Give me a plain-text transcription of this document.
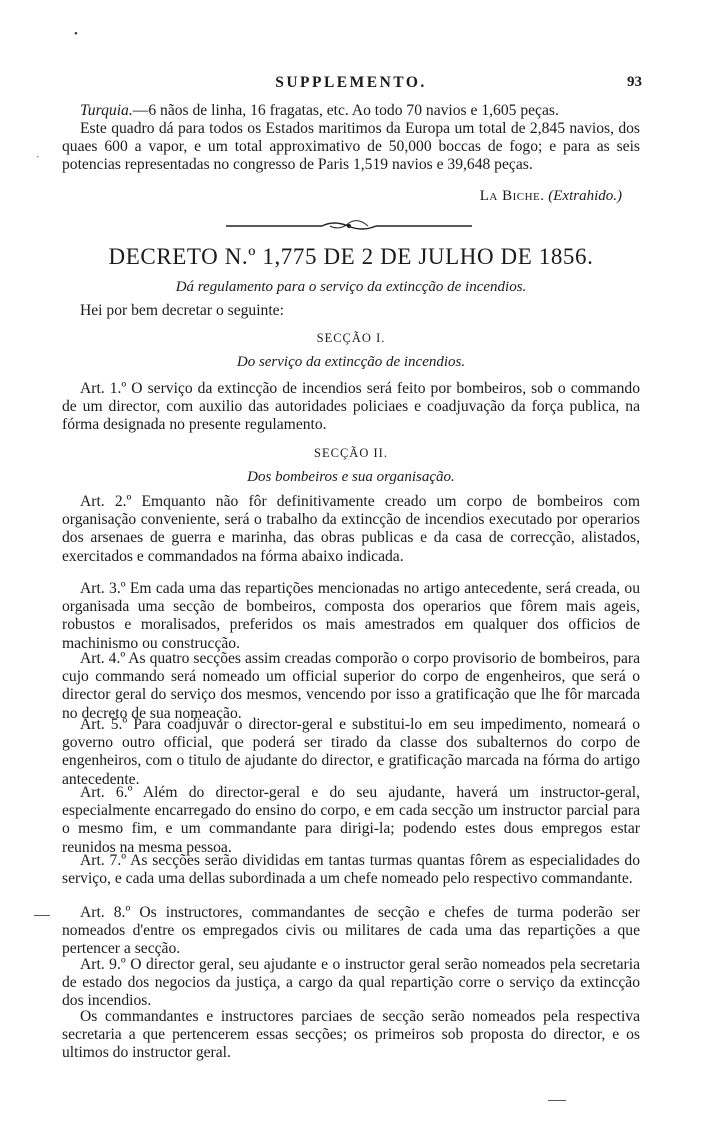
•
ˎ
SUPPLEMENTO.	93

Turquia.—6 nãos de linha, 16 fragatas, etc. Ao todo 70 navios e 1,605 peças.

Este quadro dá para todos os Estados maritimos da Europa um total de 2,845 navios, dos quaes 600 a vapor, e um total approximativo de 50,000 boccas de fogo; e para as seis potencias representadas no congresso de Paris 1,519 navios e 39,648 peças.

La Biche. (Extrahido.)
DECRETO N.º 1,775 DE 2 DE JULHO DE 1856.
Dá regulamento para o serviço da extincção de incendios.
Hei por bem decretar o seguinte:
SECÇÃO I.
Do serviço da extincção de incendios.

Art. 1.º O serviço da extincção de incendios será feito por bombeiros, sob o commando de um director, com auxilio das autoridades policiaes e coadjuvação da força publica, na fórma designada no presente regulamento.

SECÇÃO II.
Dos bombeiros e sua organisação.

Art. 2.º Emquanto não fôr definitivamente creado um corpo de bombeiros com organisação conveniente, será o trabalho da extincção de incendios executado por operarios dos arsenaes de guerra e marinha, das obras publicas e da casa de correcção, alistados, exercitados e commandados na fórma abaixo indicada.

Art. 3.º Em cada uma das repartições mencionadas no artigo antecedente, será creada, ou organisada uma secção de bombeiros, composta dos operarios que fôrem mais ageis, robustos e moralisados, preferidos os mais amestrados em qualquer dos officios de machinismo ou construcção.

Art. 4.º As quatro secções assim creadas comporão o corpo provisorio de bombeiros, para cujo commando será nomeado um official superior do corpo de engenheiros, que será o director geral do serviço dos mesmos, vencendo por isso a gratificação que lhe fôr marcada no decreto de sua nomeação.

Art. 5.º Para coadjuvar o director-geral e substitui-lo em seu impedimento, nomeará o governo outro official, que poderá ser tirado da classe dos subalternos do corpo de engenheiros, com o titulo de ajudante do director, e gratificação marcada na fórma do artigo antecedente.

Art. 6.º Além do director-geral e do seu ajudante, haverá um instructor-geral, especialmente encarregado do ensino do corpo, e em cada secção um instructor parcial para o mesmo fim, e um commandante para dirigi-la; podendo estes dous empregos estar reunidos na mesma pessoa.

Art. 7.º As secções serão divididas em tantas turmas quantas fôrem as especialidades do serviço, e cada uma dellas subordinada a um chefe nomeado pelo respectivo commandante.

Art. 8.º Os instructores, commandantes de secção e chefes de turma poderão ser nomeados d'entre os empregados civis ou militares de cada uma das repartições a que pertencer a secção.

Art. 9.º O director geral, seu ajudante e o instructor geral serão nomeados pela secretaria de estado dos negocios da justiça, a cargo da qual repartição corre o serviço da extincção dos incendios.

Os commandantes e instructores parciaes de secção serão nomeados pela respectiva secretaria a que pertencerem essas secções; os primeiros sob proposta do director, e os ultimos do instructor geral.
